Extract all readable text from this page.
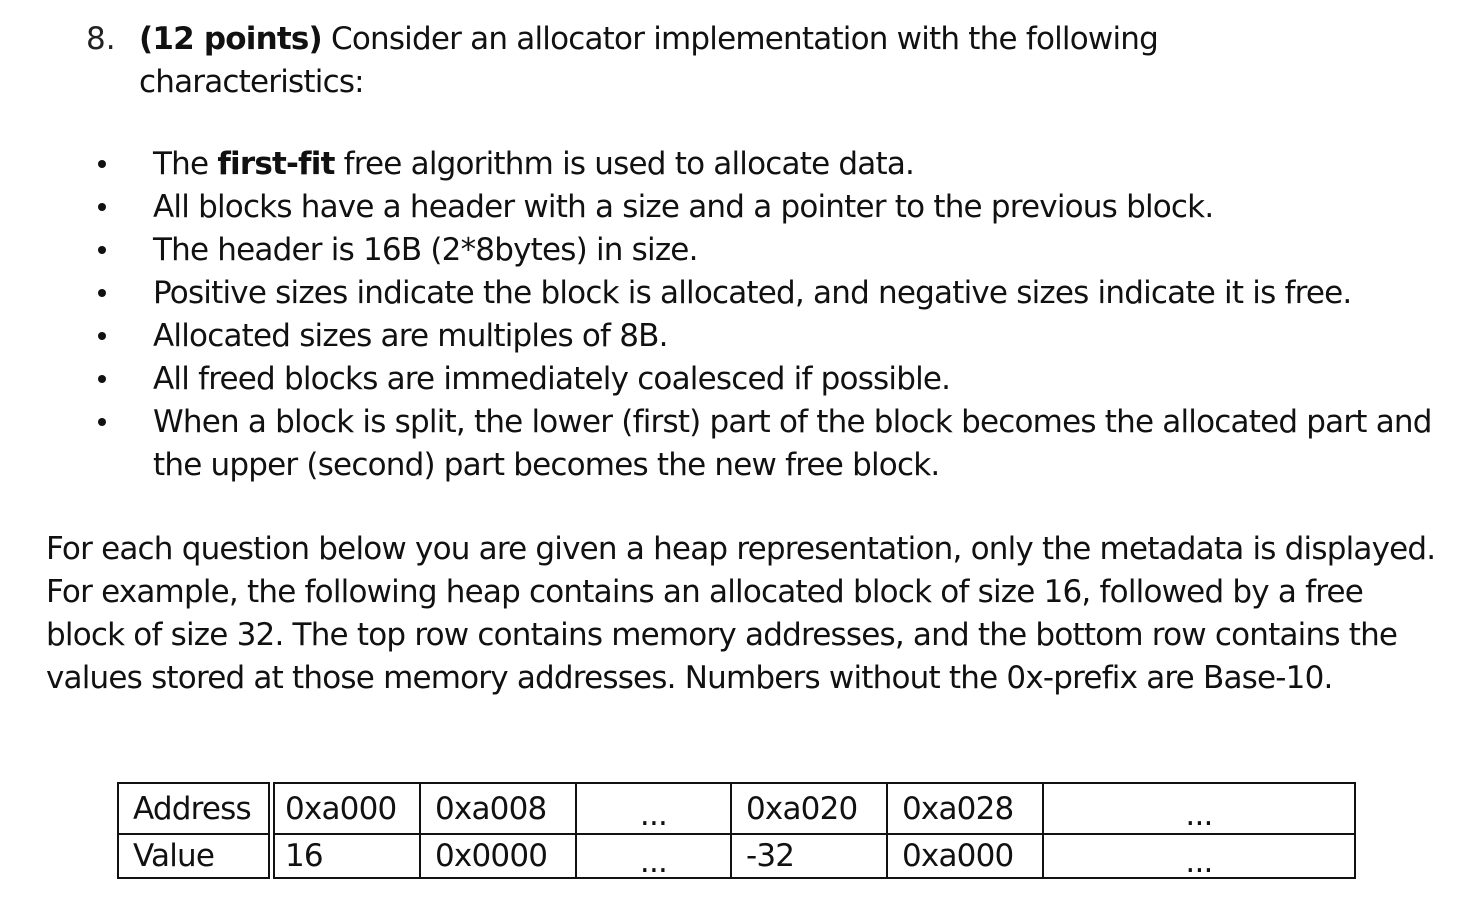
8. (12 points) Consider an allocator implementation with the following characteristics:
The first-fit free algorithm is used to allocate data.
All blocks have a header with a size and a pointer to the previous block.
The header is 16B (2*8bytes) in size.
Positive sizes indicate the block is allocated, and negative sizes indicate it is free.
Allocated sizes are multiples of 8B.
All freed blocks are immediately coalesced if possible.
When a block is split, the lower (first) part of the block becomes the allocated part and the upper (second) part becomes the new free block.

For each question below you are given a heap representation, only the metadata is displayed. For example, the following heap contains an allocated block of size 16, followed by a free block of size 32. The top row contains memory addresses, and the bottom row contains the values stored at those memory addresses. Numbers without the 0x-prefix are Base-10.

Address	0xa000	0xa008	...	0xa020	0xa028	...
Value	16	0x0000	...	-32	0xa000	...
